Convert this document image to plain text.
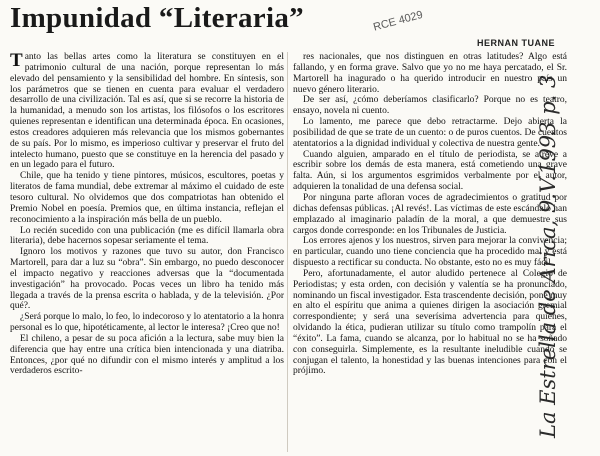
Impunidad “Literaria”	RCE 4029
HERNAN TUANE

Tanto las bellas artes como la literatura se constituyen en el patrimonio cultural de una nación, porque representan lo más elevado del pensamiento y la sensibilidad del hombre. En síntesis, son los parámetros que se tienen en cuenta para evaluar el verdadero desarrollo de una civilización. Tal es así, que si se recorre la historia de la humanidad, a menudo son los artistas, los filósofos o los escritores quienes representan e identifican una determinada época. En ocasiones, estos creadores adquieren más relevancia que los mismos gobernantes de su país. Por lo mismo, es imperioso cultivar y preservar el fruto del intelecto humano, puesto que se constituye en la herencia del pasado y en un legado para el futuro.

Chile, que ha tenido y tiene pintores, músicos, escultores, poetas y literatos de fama mundial, debe extremar al máximo el cuidado de este tesoro cultural. No olvidemos que dos compatriotas han obtenido el Premio Nobel en poesía. Premios que, en última instancia, reflejan el reconocimiento a la inspiración más bella de un pueblo.

Lo recién sucedido con una publicación (me es difícil llamarla obra literaria), debe hacernos sopesar seriamente el tema.

Ignoro los motivos y razones que tuvo su autor, don Francisco Martorell, para dar a luz su “obra”. Sin embargo, no puedo desconocer el impacto negativo y reacciones adversas que la “documentada investigación” ha provocado. Pocas veces un libro ha tenido más llegada a través de la prensa escrita o hablada, y de la televisión. ¿Por qué?.

¿Será porque lo malo, lo feo, lo indecoroso y lo atentatorio a la honra personal es lo que, hipotéticamente, al lector le interesa? ¡Creo que no!

El chileno, a pesar de su poca afición a la lectura, sabe muy bien la diferencia que hay entre una crítica bien intencionada y una diatriba. Entonces, ¿por qué no difundir con el mismo interés y amplitud a los verdaderos escrito-

res nacionales, que nos distinguen en otras latitudes? Algo está fallando, y en forma grave. Salvo que yo no me haya percatado, el Sr. Martorell ha inagurado o ha querido introducir en nuestro país un nuevo género literario.

De ser así, ¿cómo deberíamos clasificarlo? Porque no es teatro, ensayo, novela ni cuento.

Lo lamento, me parece que debo retractarme. Dejo abierta la posibilidad de que se trate de un cuento: o de puros cuentos. De cuentos atentatorios a la dignidad individual y colectiva de nuestra gente.

Cuando alguien, amparado en el título de periodista, se atreve a escribir sobre los demás de esta manera, está cometiendo una grave falta. Aún, si los argumentos esgrimidos verbalmente por el autor, adquieren la tonalidad de una defensa social.

Por ninguna parte afloran voces de agradecimientos o gratitud por dichas defensas públicas. ¡Al revés!. Las víctimas de este escándalo han emplazado al imaginario paladín de la moral, a que demuestre sus cargos donde corresponde: en los Tribunales de Justicia.

Los errores ajenos y los nuestros, sirven para mejorar la convivencia; en particular, cuando uno tiene conciencia que ha procedido mal y está dispuesto a rectificar su conducta. No obstante, esto no es muy fácil.

Pero, afortunadamente, el autor aludido pertenece al Colegio de Periodistas; y esta orden, con decisión y valentía se ha pronunciado, nominando un fiscal investigador. Esta trascendente decisión, pone muy en alto el espíritu que anima a quienes dirigen la asociación gremial correspondiente; y será una severísima advertencia para quienes, olvidando la ética, pudieran utilizar su título como trampolín para el “éxito”. La fama, cuando se alcanza, por lo habitual no se ha soñado con conseguirla. Simplemente, es la resultante ineludible cuando se conjugan el talento, la honestidad y las buenas intenciones para con el prójimo.	La Estrella de Arica, 9.V.1993 p. 3
